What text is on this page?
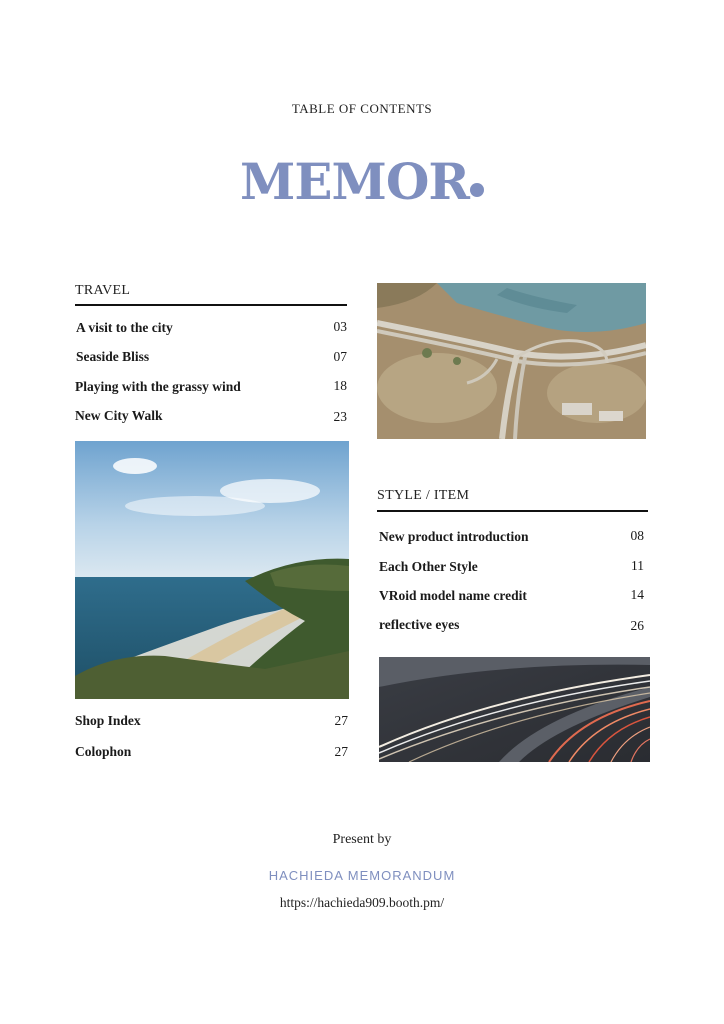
TABLE OF CONTENTS
MEMOR
TRAVEL
A visit to the city	03
Seaside Bliss	07
Playing with the grassy wind	18
New City Walk	23
Shop Index	27
Colophon	27
STYLE / ITEM
New product introduction	08
Each Other Style	11
VRoid model name credit	14
reflective eyes	26
Present by
HACHIEDA MEMORANDUM
https://hachieda909.booth.pm/
